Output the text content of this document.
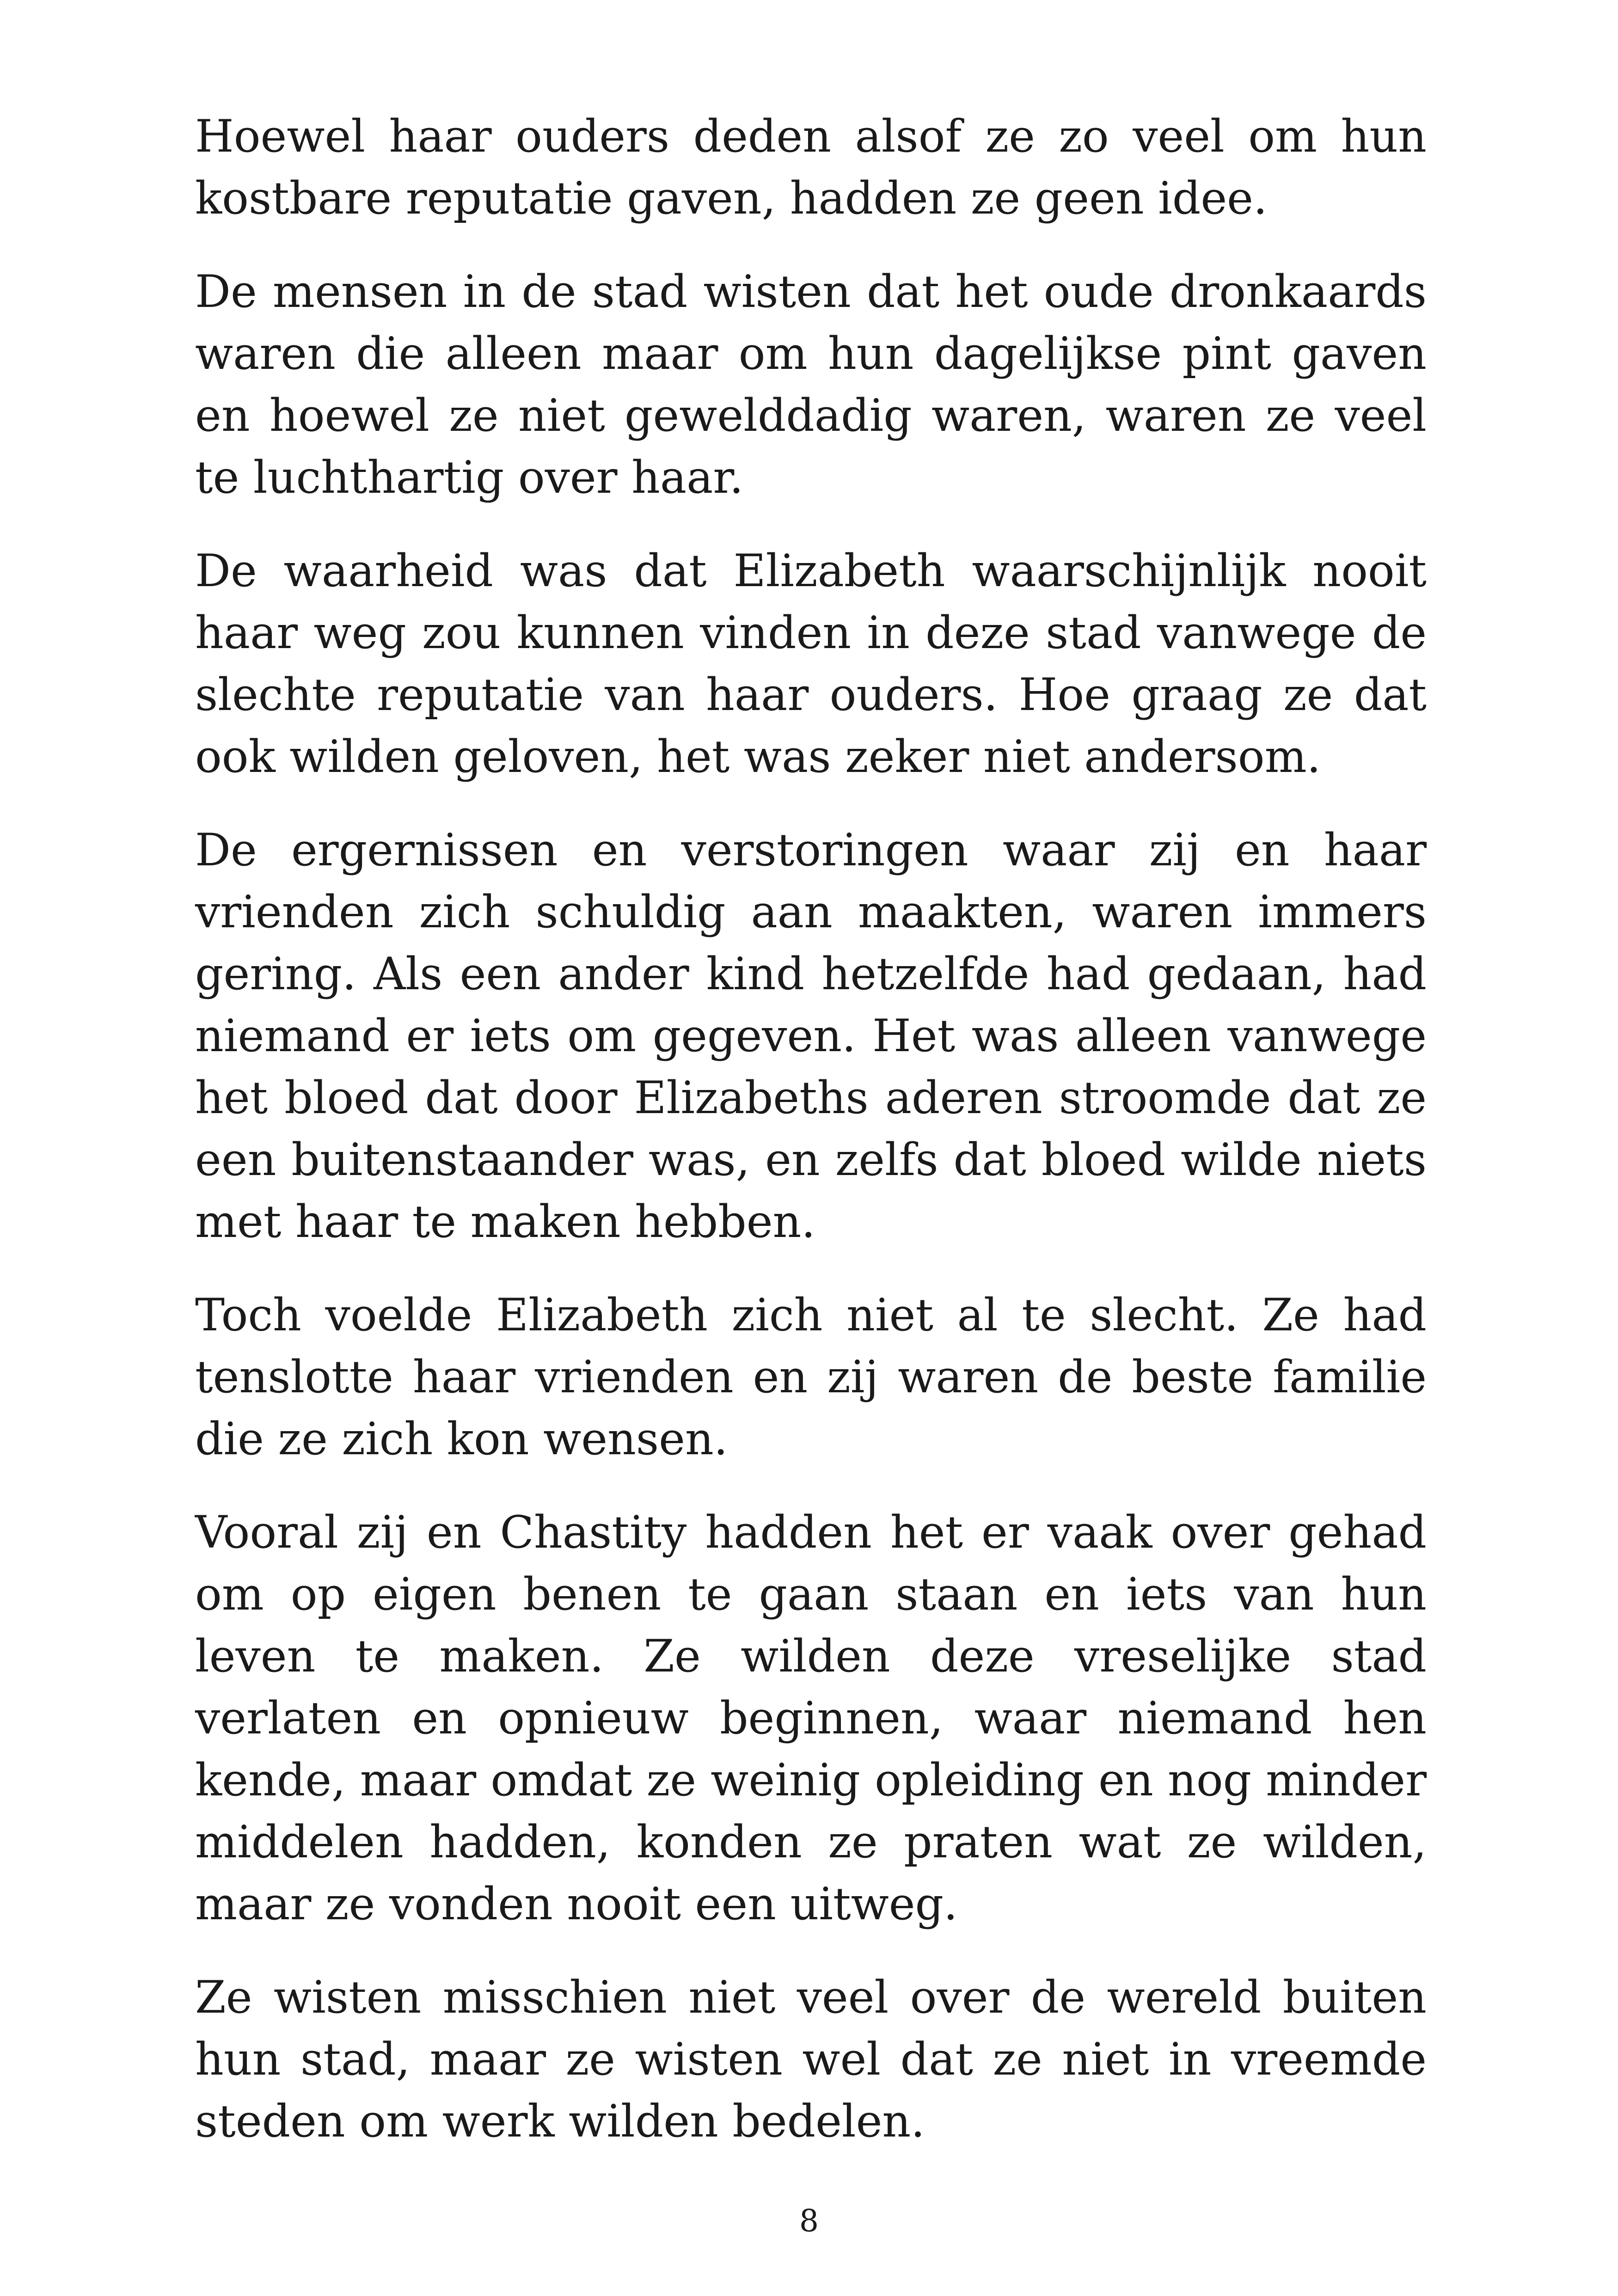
Hoewel haar ouders deden alsof ze zo veel om hun kostbare reputatie gaven, hadden ze geen idee.

De mensen in de stad wisten dat het oude dronkaards waren die alleen maar om hun dagelijkse pint gaven en hoewel ze niet gewelddadig waren, waren ze veel te luchthartig over haar.

De waarheid was dat Elizabeth waarschijnlijk nooit haar weg zou kunnen vinden in deze stad vanwege de slechte reputatie van haar ouders. Hoe graag ze dat ook wilden geloven, het was zeker niet andersom.

De ergernissen en verstoringen waar zij en haar vrienden zich schuldig aan maakten, waren immers gering. Als een ander kind hetzelfde had gedaan, had niemand er iets om gegeven. Het was alleen vanwege het bloed dat door Elizabeths aderen stroomde dat ze een buitenstaander was, en zelfs dat bloed wilde niets met haar te maken hebben.

Toch voelde Elizabeth zich niet al te slecht. Ze had tenslotte haar vrienden en zij waren de beste familie die ze zich kon wensen.

Vooral zij en Chastity hadden het er vaak over gehad om op eigen benen te gaan staan en iets van hun leven te maken. Ze wilden deze vreselijke stad verlaten en opnieuw beginnen, waar niemand hen kende, maar omdat ze weinig opleiding en nog minder middelen hadden, konden ze praten wat ze wilden, maar ze vonden nooit een uitweg.

Ze wisten misschien niet veel over de wereld buiten hun stad, maar ze wisten wel dat ze niet in vreemde steden om werk wilden bedelen.

8
